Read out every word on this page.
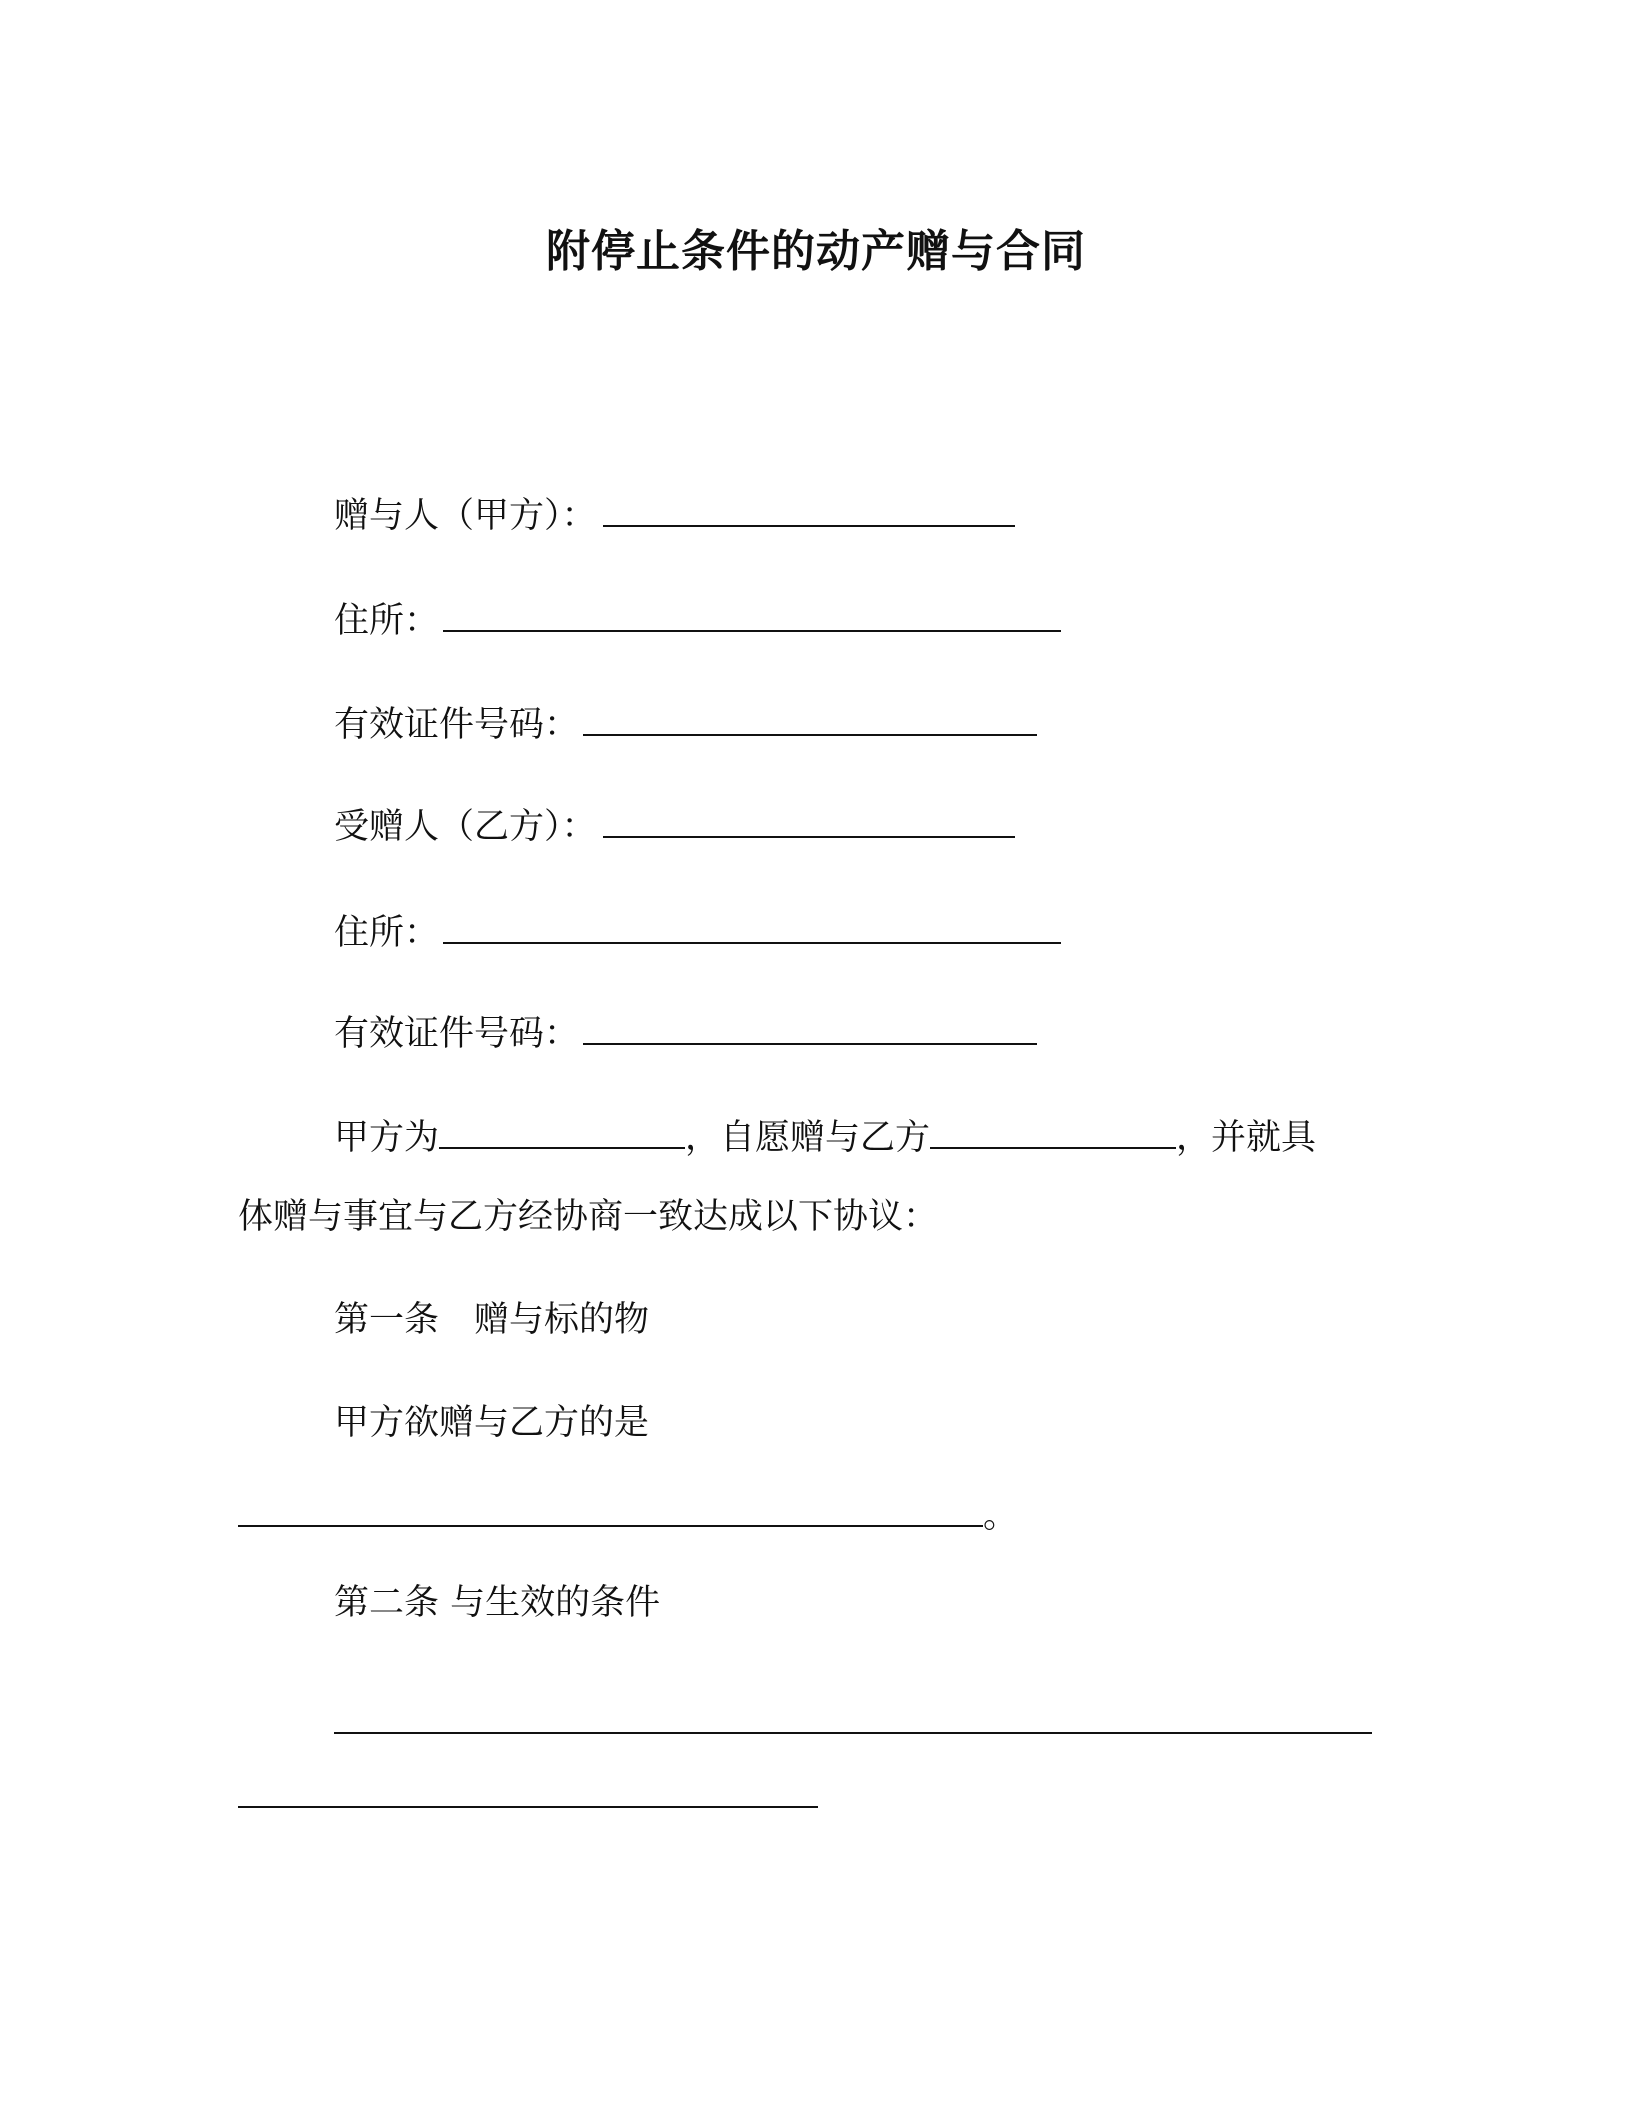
附停止条件的动产赠与合同
赠与人（甲方）：
住所：
有效证件号码：
受赠人（乙方）：
住所：
有效证件号码：
甲方为	，自愿赠与乙方	，并就具
体赠与事宜与乙方经协商一致达成以下协议：
第一条　赠与标的物
甲方欲赠与乙方的是
。
第二条 与生效的条件
